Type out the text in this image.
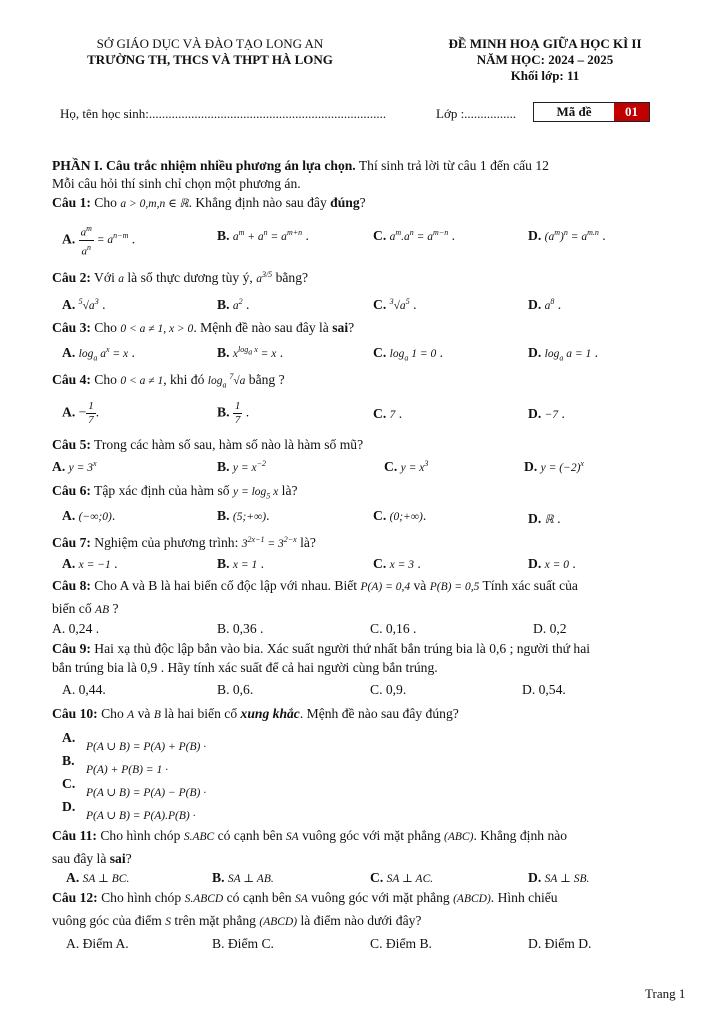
SỞ GIÁO DỤC VÀ ĐÀO TẠO LONG AN
TRƯỜNG TH, THCS VÀ THPT HÀ LONG
ĐỀ MINH HOẠ GIỮA HỌC KÌ II
NĂM HỌC: 2024 – 2025
Khối lớp: 11
Họ, tên học sinh:.........................................................................	Lớp :................	Mã đề	01
PHẦN I. Câu trắc nhiệm nhiều phương án lựa chọn. Thí sinh trả lời từ câu 1 đến cấu 12
Mỗi câu hỏi thí sinh chỉ chọn một phương án.
Câu 1: Cho a > 0,m,n ∈ ℝ. Khẳng định nào sau đây đúng?
A. $\frac{a^m}{a^n} = a^{n-m}$ .	B. $a^m + a^n = a^{m+n}$ .	C. $a^m.a^n = a^{m-n}$ .	D. $(a^m)^n = a^{m.n}$ .
Câu 2: Với a là số thực dương tùy ý, $a^{3/5}$ bằng?
A. $^5√a^3$ .	B. $a^2$ .	C. $^3√a^5$ .	D. $a^8$ .
Câu 3: Cho 0 < a ≠ 1, x > 0. Mệnh đề nào sau đây là sai?
A. $\log_a a^x = x$ .	B. $x^{log_a x} = x$ .	C. $\log_a 1 = 0$ .	D. $\log_a a = 1$ .
Câu 4: Cho 0 < a ≠ 1, khi đó $\log_a ^7√a$ bằng ?
A. − $\frac{1}{7}$ .	B. $\frac{1}{7}$ .	C. 7 .	D. −7 .
Câu 5: Trong các hàm số sau, hàm số nào là hàm số mũ?
A. $y = 3^x$	B. $y = x^{-2}$	C. $y = x^3$	D. $y = (-2)^x$
Câu 6: Tập xác định của hàm số $y = \log_5 x$ là?
A. (−∞;0).	B. (5;+∞).	C. (0;+∞).	D. ℝ .
Câu 7: Nghiệm của phương trình: $3^{2x-1} = 3^{2-x}$ là?
A. x = −1 .	B. x = 1 .	C. x = 3 .	D. x = 0 .
Câu 8: Cho A và B là hai biến cố độc lập với nhau. Biết P(A) = 0,4 và P(B) = 0,5 Tính xác suất của
biến cố AB ?
A. 0,24 .	B. 0,36 .	C. 0,16 .	D. 0,2
Câu 9: Hai xạ thủ độc lập bắn vào bia. Xác suất người thứ nhất bắn trúng bia là 0,6 ; người thứ hai
bắn trúng bia là 0,9 . Hãy tính xác suất để cả hai người cùng bắn trúng.
A. 0,44.	B. 0,6.	C. 0,9.	D. 0,54.
Câu 10: Cho A và B là hai biến cố xung khắc. Mệnh đề nào sau đây đúng?
A.
$^{P(A \cup B) = P(A) + P(B) \cdot}$
B.
$^{P(A) + P(B) = 1 \cdot}$
C.
$^{P(A \cup B) = P(A) - P(B) \cdot}$
D.
$^{P(A \cup B) = P(A).P(B) \cdot}$
Câu 11: Cho hình chóp S.ABC có cạnh bên SA vuông góc với mặt phẳng (ABC). Khẳng định nào
sau đây là sai?
A. SA ⊥ BC.	B. SA ⊥ AB.	C. SA ⊥ AC.	D. SA ⊥ SB.
Câu 12: Cho hình chóp S.ABCD có cạnh bên SA vuông góc với mặt phẳng (ABCD). Hình chiếu
vuông góc của điểm S trên mặt phẳng (ABCD) là điểm nào dưới đây?
A. Điểm A.	B. Điểm C.	C. Điểm B.	D. Điểm D.
Trang 1
